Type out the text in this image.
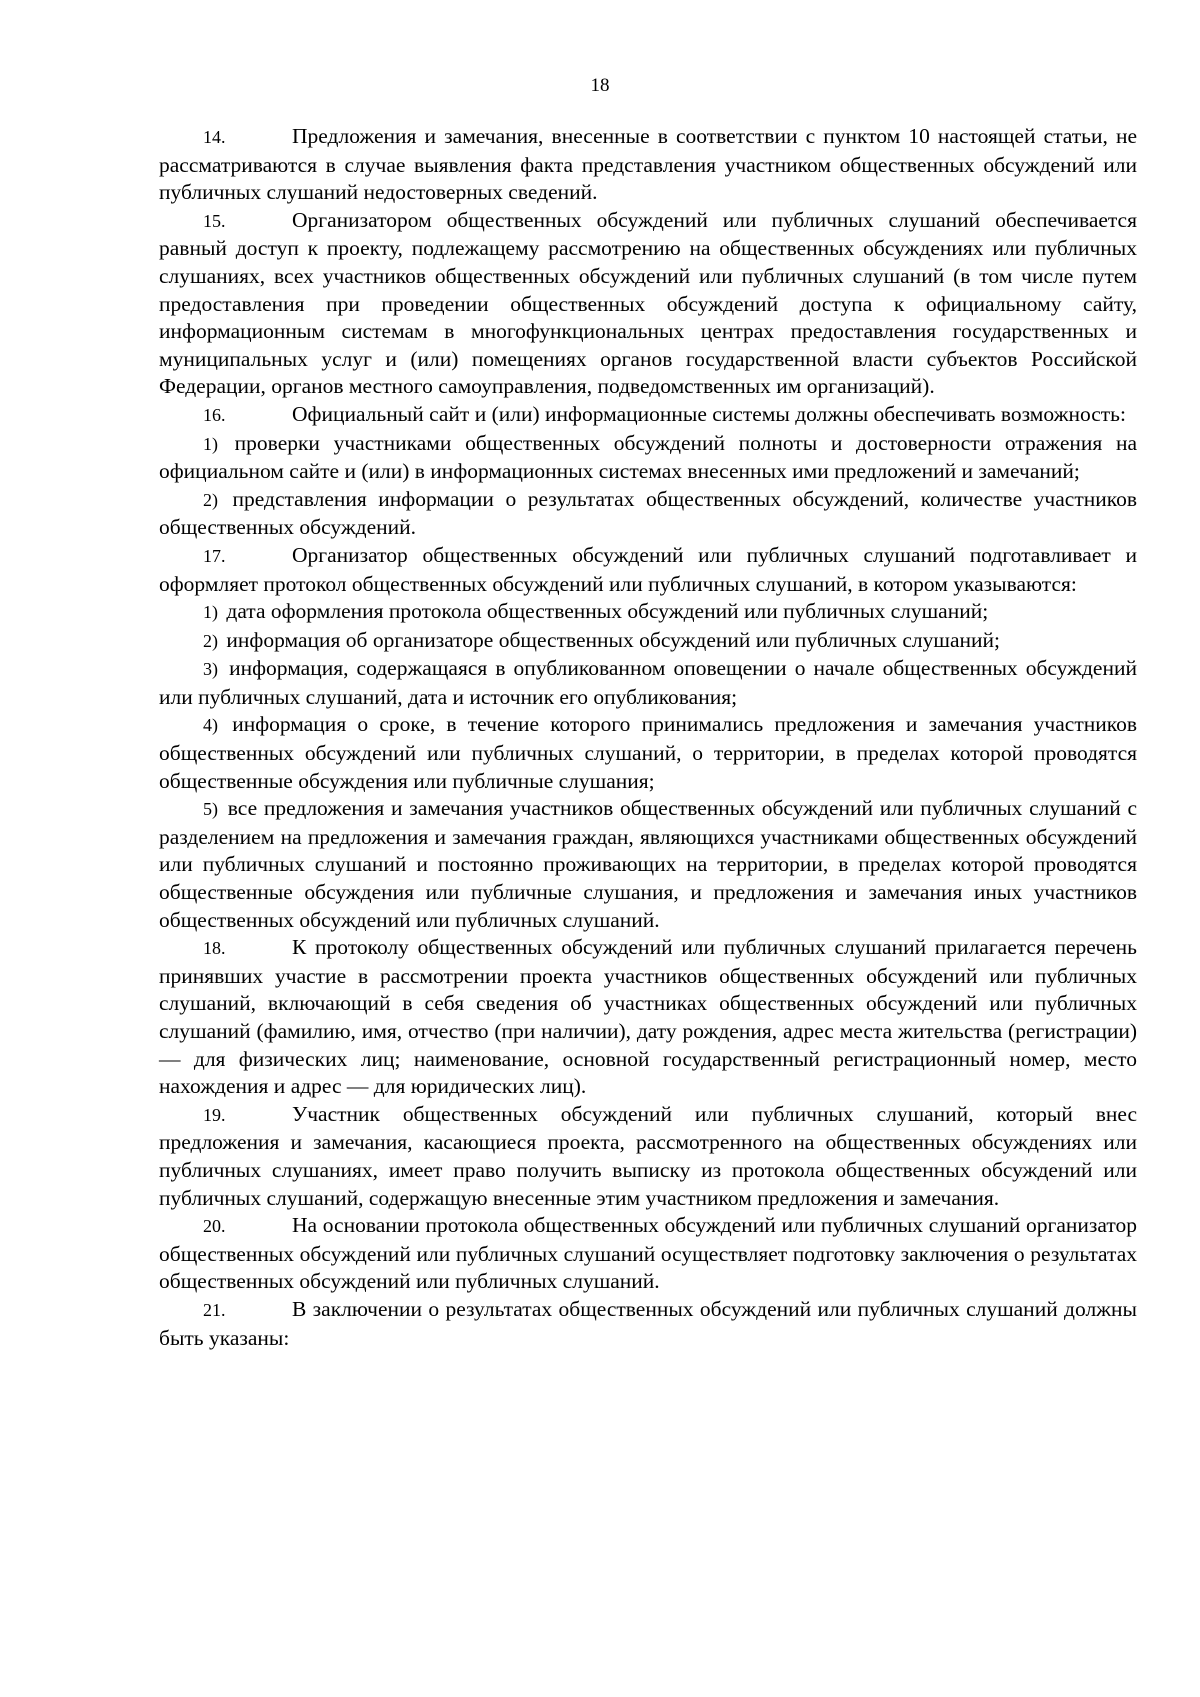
18

14.	Предложения и замечания, внесенные в соответствии с пунктом 10 настоящей статьи, не рассматриваются в случае выявления факта представления участником общественных обсуждений или публичных слушаний недостоверных сведений.

15.	Организатором общественных обсуждений или публичных слушаний обеспечивается равный доступ к проекту, подлежащему рассмотрению на общественных обсуждениях или публичных слушаниях, всех участников общественных обсуждений или публичных слушаний (в том числе путем предоставления при проведении общественных обсуждений доступа к официальному сайту, информационным системам в многофункциональных центрах предоставления государственных и муниципальных услуг и (или) помещениях органов государственной власти субъектов Российской Федерации, органов местного самоуправления, подведомственных им организаций).

16.	Официальный сайт и (или) информационные системы должны обеспечивать возможность:

1) проверки участниками общественных обсуждений полноты и достоверности отражения на официальном сайте и (или) в информационных системах внесенных ими предложений и замечаний;

2) представления информации о результатах общественных обсуждений, количестве участников общественных обсуждений.

17.	Организатор общественных обсуждений или публичных слушаний подготавливает и оформляет протокол общественных обсуждений или публичных слушаний, в котором указываются:

1) дата оформления протокола общественных обсуждений или публичных слушаний;

2) информация об организаторе общественных обсуждений или публичных слушаний;

3) информация, содержащаяся в опубликованном оповещении о начале общественных обсуждений или публичных слушаний, дата и источник его опубликования;

4) информация о сроке, в течение которого принимались предложения и замечания участников общественных обсуждений или публичных слушаний, о территории, в пределах которой проводятся общественные обсуждения или публичные слушания;

5) все предложения и замечания участников общественных обсуждений или публичных слушаний с разделением на предложения и замечания граждан, являющихся участниками общественных обсуждений или публичных слушаний и постоянно проживающих на территории, в пределах которой проводятся общественные обсуждения или публичные слушания, и предложения и замечания иных участников общественных обсуждений или публичных слушаний.

18.	К протоколу общественных обсуждений или публичных слушаний прилагается перечень принявших участие в рассмотрении проекта участников общественных обсуждений или публичных слушаний, включающий в себя сведения об участниках общественных обсуждений или публичных слушаний (фамилию, имя, отчество (при наличии), дату рождения, адрес места жительства (регистрации) — для физических лиц; наименование, основной государственный регистрационный номер, место нахождения и адрес — для юридических лиц).

19.	Участник общественных обсуждений или публичных слушаний, который внес предложения и замечания, касающиеся проекта, рассмотренного на общественных обсуждениях или публичных слушаниях, имеет право получить выписку из протокола общественных обсуждений или публичных слушаний, содержащую внесенные этим участником предложения и замечания.

20.	На основании протокола общественных обсуждений или публичных слушаний организатор общественных обсуждений или публичных слушаний осуществляет подготовку заключения о результатах общественных обсуждений или публичных слушаний.

21.	В заключении о результатах общественных обсуждений или публичных слушаний должны быть указаны:
